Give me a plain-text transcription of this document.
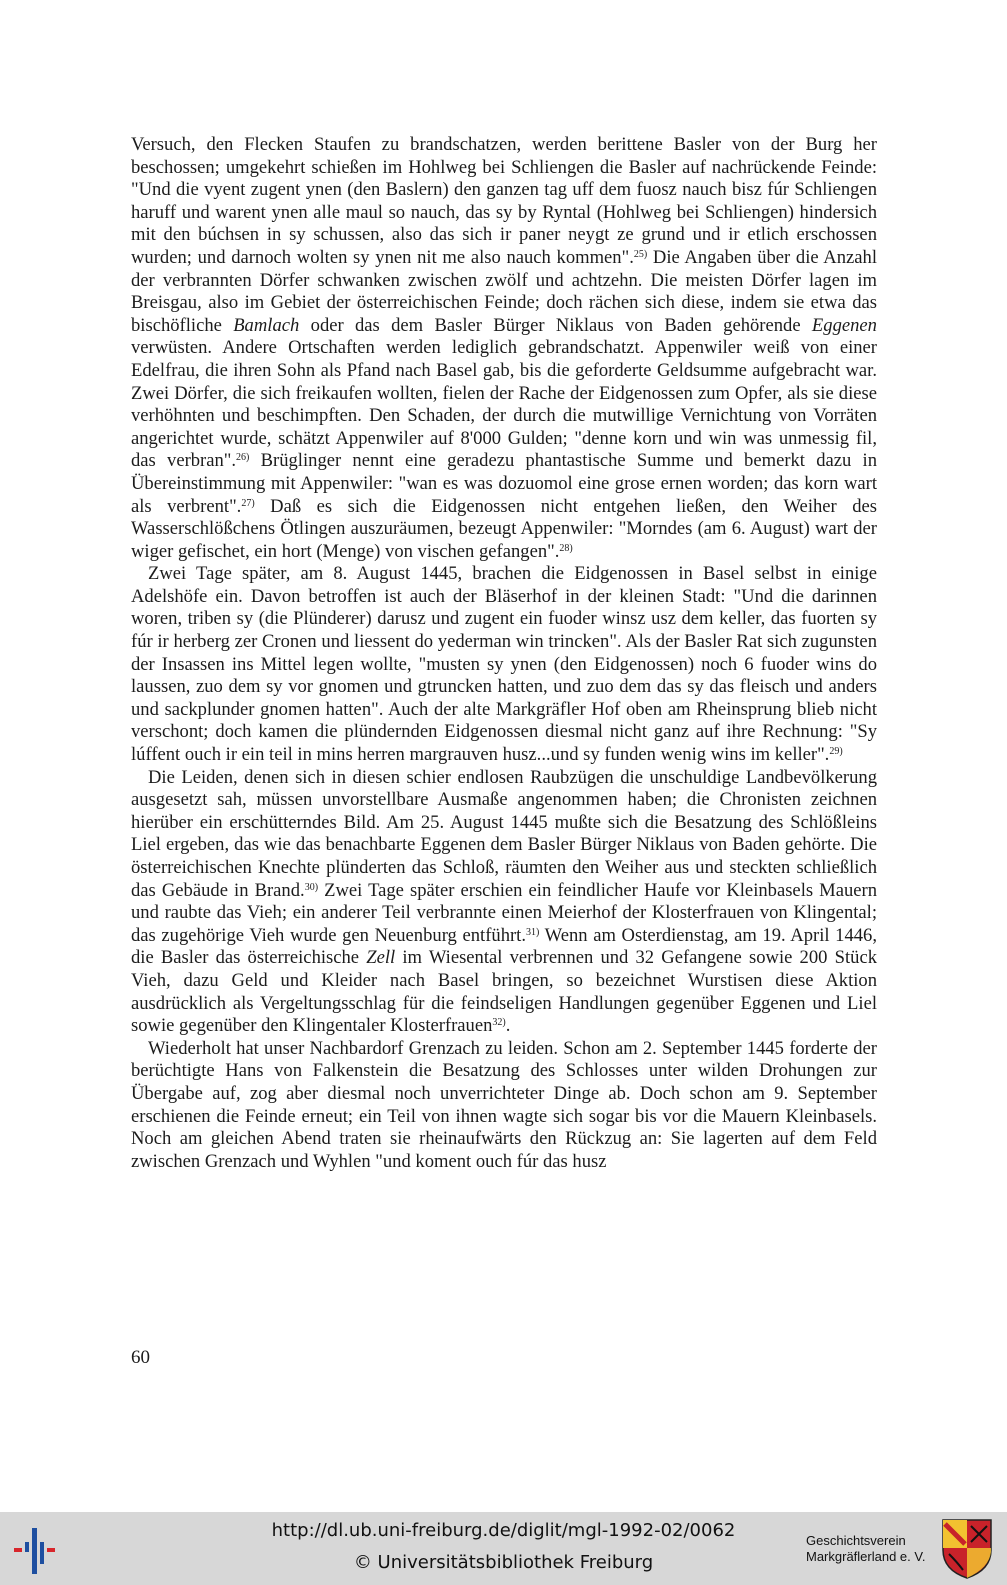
Versuch, den Flecken Staufen zu brandschatzen, werden berittene Basler von der Burg her beschossen; umgekehrt schießen im Hohlweg bei Schliengen die Basler auf nachrückende Feinde: "Und die vyent zugent ynen (den Baslern) den ganzen tag uff dem fuosz nauch bisz fúr Schliengen haruff und warent ynen alle maul so nauch, das sy by Ryntal (Hohlweg bei Schliengen) hindersich mit den búchsen in sy schussen, also das sich ir paner neygt ze grund und ir etlich erschossen wurden; und darnoch wolten sy ynen nit me also nauch kommen".$^{25)}$ Die Angaben über die Anzahl der verbrannten Dörfer schwanken zwischen zwölf und achtzehn. Die meisten Dörfer lagen im Breisgau, also im Gebiet der österreichischen Feinde; doch rächen sich diese, indem sie etwa das bischöfliche Bamlach oder das dem Basler Bürger Niklaus von Baden gehörende Eggenen verwüsten. Andere Ortschaften werden lediglich gebrandschatzt. Appenwiler weiß von einer Edelfrau, die ihren Sohn als Pfand nach Basel gab, bis die geforderte Geldsumme aufgebracht war. Zwei Dörfer, die sich freikaufen wollten, fielen der Rache der Eidgenossen zum Opfer, als sie diese verhöhnten und beschimpften. Den Schaden, der durch die mutwillige Vernichtung von Vorräten angerichtet wurde, schätzt Appenwiler auf 8'000 Gulden; "denne korn und win was unmessig fil, das verbran".$^{26)}$ Brüglinger nennt eine geradezu phantastische Summe und bemerkt dazu in Übereinstimmung mit Appenwiler: "wan es was dozuomol eine grose ernen worden; das korn wart als verbrent".$^{27)}$ Daß es sich die Eidgenossen nicht entgehen ließen, den Weiher des Wasserschlößchens Ötlingen auszuräumen, bezeugt Appenwiler: "Morndes (am 6. August) wart der wiger gefischet, ein hort (Menge) von vischen gefangen".$^{28)}$

Zwei Tage später, am 8. August 1445, brachen die Eidgenossen in Basel selbst in einige Adelshöfe ein. Davon betroffen ist auch der Bläserhof in der kleinen Stadt: "Und die darinnen woren, triben sy (die Plünderer) darusz und zugent ein fuoder winsz usz dem keller, das fuorten sy fúr ir herberg zer Cronen und liessent do yederman win trincken". Als der Basler Rat sich zugunsten der Insassen ins Mittel legen wollte, "musten sy ynen (den Eidgenossen) noch 6 fuoder wins do laussen, zuo dem sy vor gnomen und gtruncken hatten, und zuo dem das sy das fleisch und anders und sackplunder gnomen hatten". Auch der alte Markgräfler Hof oben am Rheinsprung blieb nicht verschont; doch kamen die plündernden Eidgenossen diesmal nicht ganz auf ihre Rechnung: "Sy lúffent ouch ir ein teil in mins herren margrauven husz...und sy funden wenig wins im keller".$^{29)}$

Die Leiden, denen sich in diesen schier endlosen Raubzügen die unschuldige Landbevölkerung ausgesetzt sah, müssen unvorstellbare Ausmaße angenommen haben; die Chronisten zeichnen hierüber ein erschütterndes Bild. Am 25. August 1445 mußte sich die Besatzung des Schlößleins Liel ergeben, das wie das benachbarte Eggenen dem Basler Bürger Niklaus von Baden gehörte. Die österreichischen Knechte plünderten das Schloß, räumten den Weiher aus und steckten schließlich das Gebäude in Brand.$^{30)}$ Zwei Tage später erschien ein feindlicher Haufe vor Kleinbasels Mauern und raubte das Vieh; ein anderer Teil verbrannte einen Meierhof der Klosterfrauen von Klingental; das zugehörige Vieh wurde gen Neuenburg entführt.$^{31)}$ Wenn am Osterdienstag, am 19. April 1446, die Basler das österreichische Zell im Wiesental verbrennen und 32 Gefangene sowie 200 Stück Vieh, dazu Geld und Kleider nach Basel bringen, so bezeichnet Wurstisen diese Aktion ausdrücklich als Vergeltungsschlag für die feindseligen Handlungen gegenüber Eggenen und Liel sowie gegenüber den Klingentaler Klosterfrauen$^{32)}$.

Wiederholt hat unser Nachbardorf Grenzach zu leiden. Schon am 2. September 1445 forderte der berüchtigte Hans von Falkenstein die Besatzung des Schlosses unter wilden Drohungen zur Übergabe auf, zog aber diesmal noch unverrichteter Dinge ab. Doch schon am 9. September erschienen die Feinde erneut; ein Teil von ihnen wagte sich sogar bis vor die Mauern Kleinbasels. Noch am gleichen Abend traten sie rheinaufwärts den Rückzug an: Sie lagerten auf dem Feld zwischen Grenzach und Wyhlen "und koment ouch fúr das husz

60
http://dl.ub.uni-freiburg.de/diglit/mgl-1992-02/0062
© Universitätsbibliothek Freiburg
Geschichtsverein
Markgräflerland e. V.
